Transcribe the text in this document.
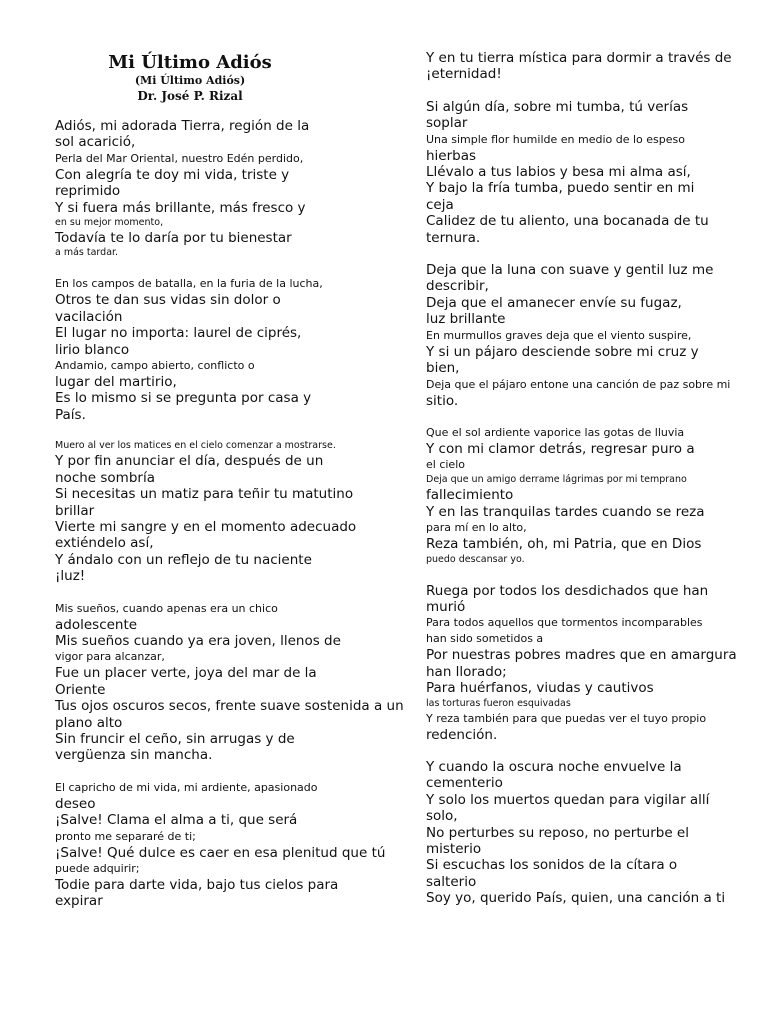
Mi Último Adiós
(Mi Último Adiós)
Dr. José P. Rizal
Adiós, mi adorada Tierra, región de la
sol acarició,
Perla del Mar Oriental, nuestro Edén perdido,
Con alegría te doy mi vida, triste y
reprimido
Y si fuera más brillante, más fresco y
en su mejor momento,
Todavía te lo daría por tu bienestar
a más tardar.
En los campos de batalla, en la furia de la lucha,
Otros te dan sus vidas sin dolor o
vacilación
El lugar no importa: laurel de ciprés,
lirio blanco
Andamio, campo abierto, conflicto o
lugar del martirio,
Es lo mismo si se pregunta por casa y
País.
Muero al ver los matices en el cielo comenzar a mostrarse.
Y por fin anunciar el día, después de un
noche sombría
Si necesitas un matiz para teñir tu matutino
brillar
Vierte mi sangre y en el momento adecuado
extiéndelo así,
Y ándalo con un reflejo de tu naciente
¡luz!
Mis sueños, cuando apenas era un chico
adolescente
Mis sueños cuando ya era joven, llenos de
vigor para alcanzar,
Fue un placer verte, joya del mar de la
Oriente
Tus ojos oscuros secos, frente suave sostenida a un
plano alto
Sin fruncir el ceño, sin arrugas y de
vergüenza sin mancha.
El capricho de mi vida, mi ardiente, apasionado
deseo
¡Salve! Clama el alma a ti, que será
pronto me separaré de ti;
¡Salve! Qué dulce es caer en esa plenitud que tú
puede adquirir;
Todie para darte vida, bajo tus cielos para
expirar
Y en tu tierra mística para dormir a través de
¡eternidad!
Si algún día, sobre mi tumba, tú verías
soplar
Una simple flor humilde en medio de lo espeso
hierbas
Llévalo a tus labios y besa mi alma así,
Y bajo la fría tumba, puedo sentir en mi
ceja
Calidez de tu aliento, una bocanada de tu
ternura.
Deja que la luna con suave y gentil luz me
describir,
Deja que el amanecer envíe su fugaz,
luz brillante
En murmullos graves deja que el viento suspire,
Y si un pájaro desciende sobre mi cruz y
bien,
Deja que el pájaro entone una canción de paz sobre mi
sitio.
Que el sol ardiente vaporice las gotas de lluvia
Y con mi clamor detrás, regresar puro a
el cielo
Deja que un amigo derrame lágrimas por mi temprano
fallecimiento
Y en las tranquilas tardes cuando se reza
para mí en lo alto,
Reza también, oh, mi Patria, que en Dios
puedo descansar yo.
Ruega por todos los desdichados que han
murió
Para todos aquellos que tormentos incomparables
han sido sometidos a
Por nuestras pobres madres que en amargura
han llorado;
Para huérfanos, viudas y cautivos
las torturas fueron esquivadas
Y reza también para que puedas ver el tuyo propio
redención.
Y cuando la oscura noche envuelve la
cementerio
Y solo los muertos quedan para vigilar allí
solo,
No perturbes su reposo, no perturbe el
misterio
Si escuchas los sonidos de la cítara o
salterio
Soy yo, querido País, quien, una canción a ti
